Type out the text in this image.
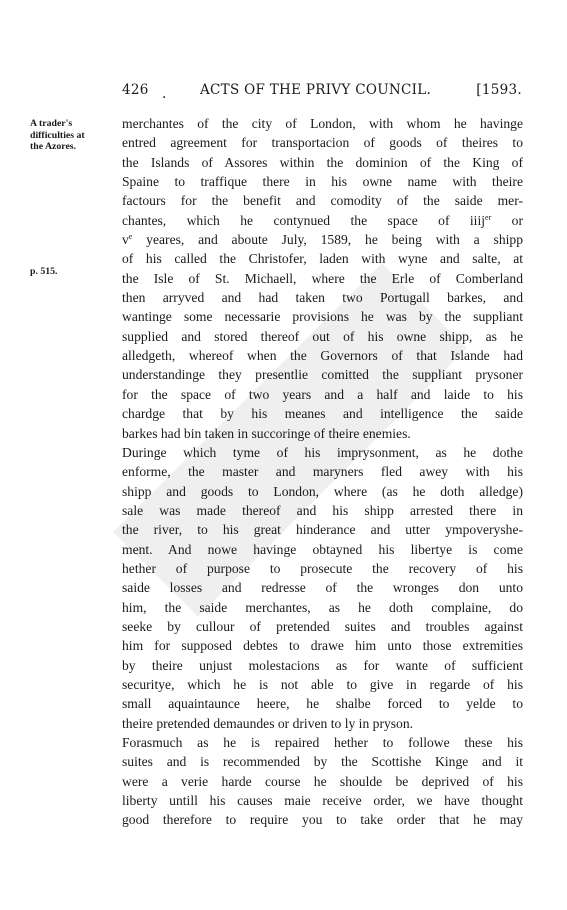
426 . ACTS OF THE PRIVY COUNCIL.	[1593.
A trader's
difficulties at
the Azores.
p. 515.
merchantes of the city of London, with whom he havinge
entred agreement for transportacion of goods of theires to
the Islands of Assores within the dominion of the King of
Spaine to traffique there in his owne name with theire
factours for the benefit and comodity of the saide mer-
chantes, which he contynued the space of iiij$^{er}$ or
$v^e$ yeares, and aboute July, 1589, he being with a shipp
of his called the Christofer, laden with wyne and salte, at
the Isle of St. Michaell, where the Erle of Comberland
then arryved and had taken two Portugall barkes, and
wantinge some necessarie provisions he was by the suppliant
supplied and stored thereof out of his owne shipp, as he
alledgeth, whereof when the Governors of that Islande had
understandinge they presentlie comitted the suppliant prysoner
for the space of two years and a half and laide to his
chardge that by his meanes and intelligence the saide
barkes had bin taken in succoringe of theire enemies.
Duringe which tyme of his imprysonment, as he dothe
enforme, the master and maryners fled awey with his
shipp and goods to London, where (as he doth alledge)
sale was made thereof and his shipp arrested there in
the river, to his great hinderance and utter ympoveryshe-
ment. And nowe havinge obtayned his libertye is come
hether of purpose to prosecute the recovery of his
saide losses and redresse of the wronges don unto
him, the saide merchantes, as he doth complaine, do
seeke by cullour of pretended suites and troubles against
him for supposed debtes to drawe him unto those extremities
by theire unjust molestacions as for wante of sufficient
securitye, which he is not able to give in regarde of his
small aquaintaunce heere, he shalbe forced to yelde to
theire pretended demaundes or driven to ly in pryson.
Forasmuch as he is repaired hether to followe these his
suites and is recommended by the Scottishe Kinge and it
were a verie harde course he shoulde be deprived of his
liberty untill his causes maie receive order, we have thought
good therefore to require you to take order that he may
